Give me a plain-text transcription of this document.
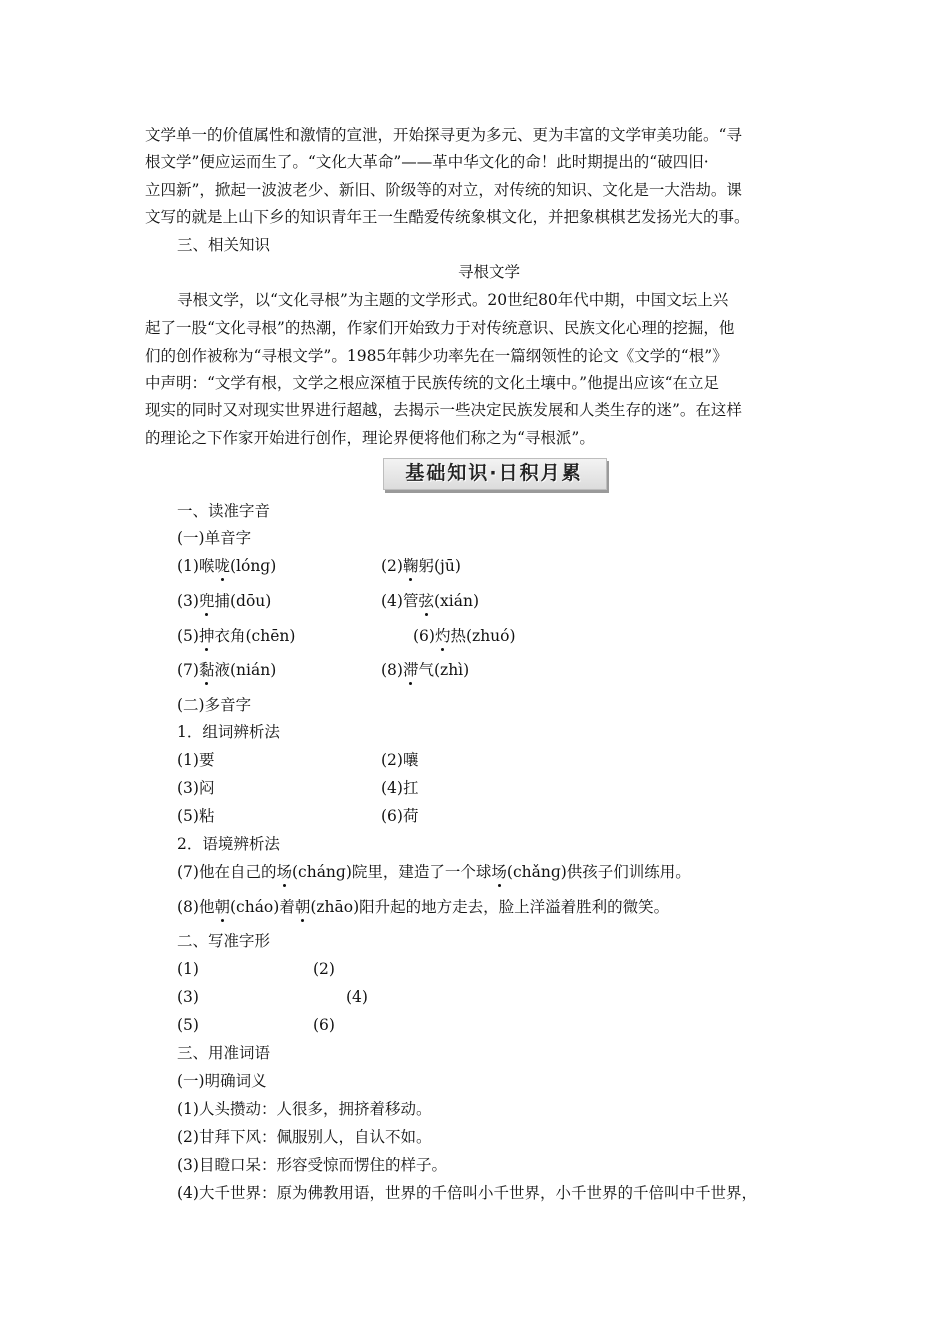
文学单一的价值属性和激情的宣泄，开始探寻更为多元、更为丰富的文学审美功能。“寻
根文学”便应运而生了。“文化大革命”——革中华文化的命！此时期提出的“破四旧·
立四新”，掀起一波波老少、新旧、阶级等的对立，对传统的知识、文化是一大浩劫。课
文写的就是上山下乡的知识青年王一生酷爱传统象棋文化，并把象棋棋艺发扬光大的事。
三、相关知识
寻根文学
寻根文学，以“文化寻根”为主题的文学形式。20世纪80年代中期，中国文坛上兴
起了一股“文化寻根”的热潮，作家们开始致力于对传统意识、民族文化心理的挖掘，他
们的创作被称为“寻根文学”。1985年韩少功率先在一篇纲领性的论文《文学的“根”》
中声明：“文学有根，文学之根应深植于民族传统的文化土壤中。”他提出应该“在立足
现实的同时又对现实世界进行超越，去揭示一些决定民族发展和人类生存的迷”。在这样
的理论之下作家开始进行创作，理论界便将他们称之为“寻根派”。
基础知识·日积月累
一、读准字音
(一)单音字
(1)喉咙(lónɡ)	(2)鞠躬(jū)
(3)兜捕(dōu)	(4)管弦(xián)
(5)抻衣角(chēn)	(6)灼热(zhuó)
(7)黏液(nián)	(8)滞气(zhì)
(二)多音字
1．组词辨析法
(1)要	(2)嚷
(3)闷	(4)扛
(5)粘	(6)荷
2．语境辨析法
(7)他在自己的场(chánɡ)院里，建造了一个球场(chǎnɡ)供孩子们训练用。
(8)他朝(cháo)着朝(zhāo)阳升起的地方走去，脸上洋溢着胜利的微笑。
二、写准字形
(1)	(2)
(3)	(4)
(5)	(6)
三、用准词语
(一)明确词义
(1)人头攒动：人很多，拥挤着移动。
(2)甘拜下风：佩服别人，自认不如。
(3)目瞪口呆：形容受惊而愣住的样子。
(4)大千世界：原为佛教用语，世界的千倍叫小千世界，小千世界的千倍叫中千世界，
